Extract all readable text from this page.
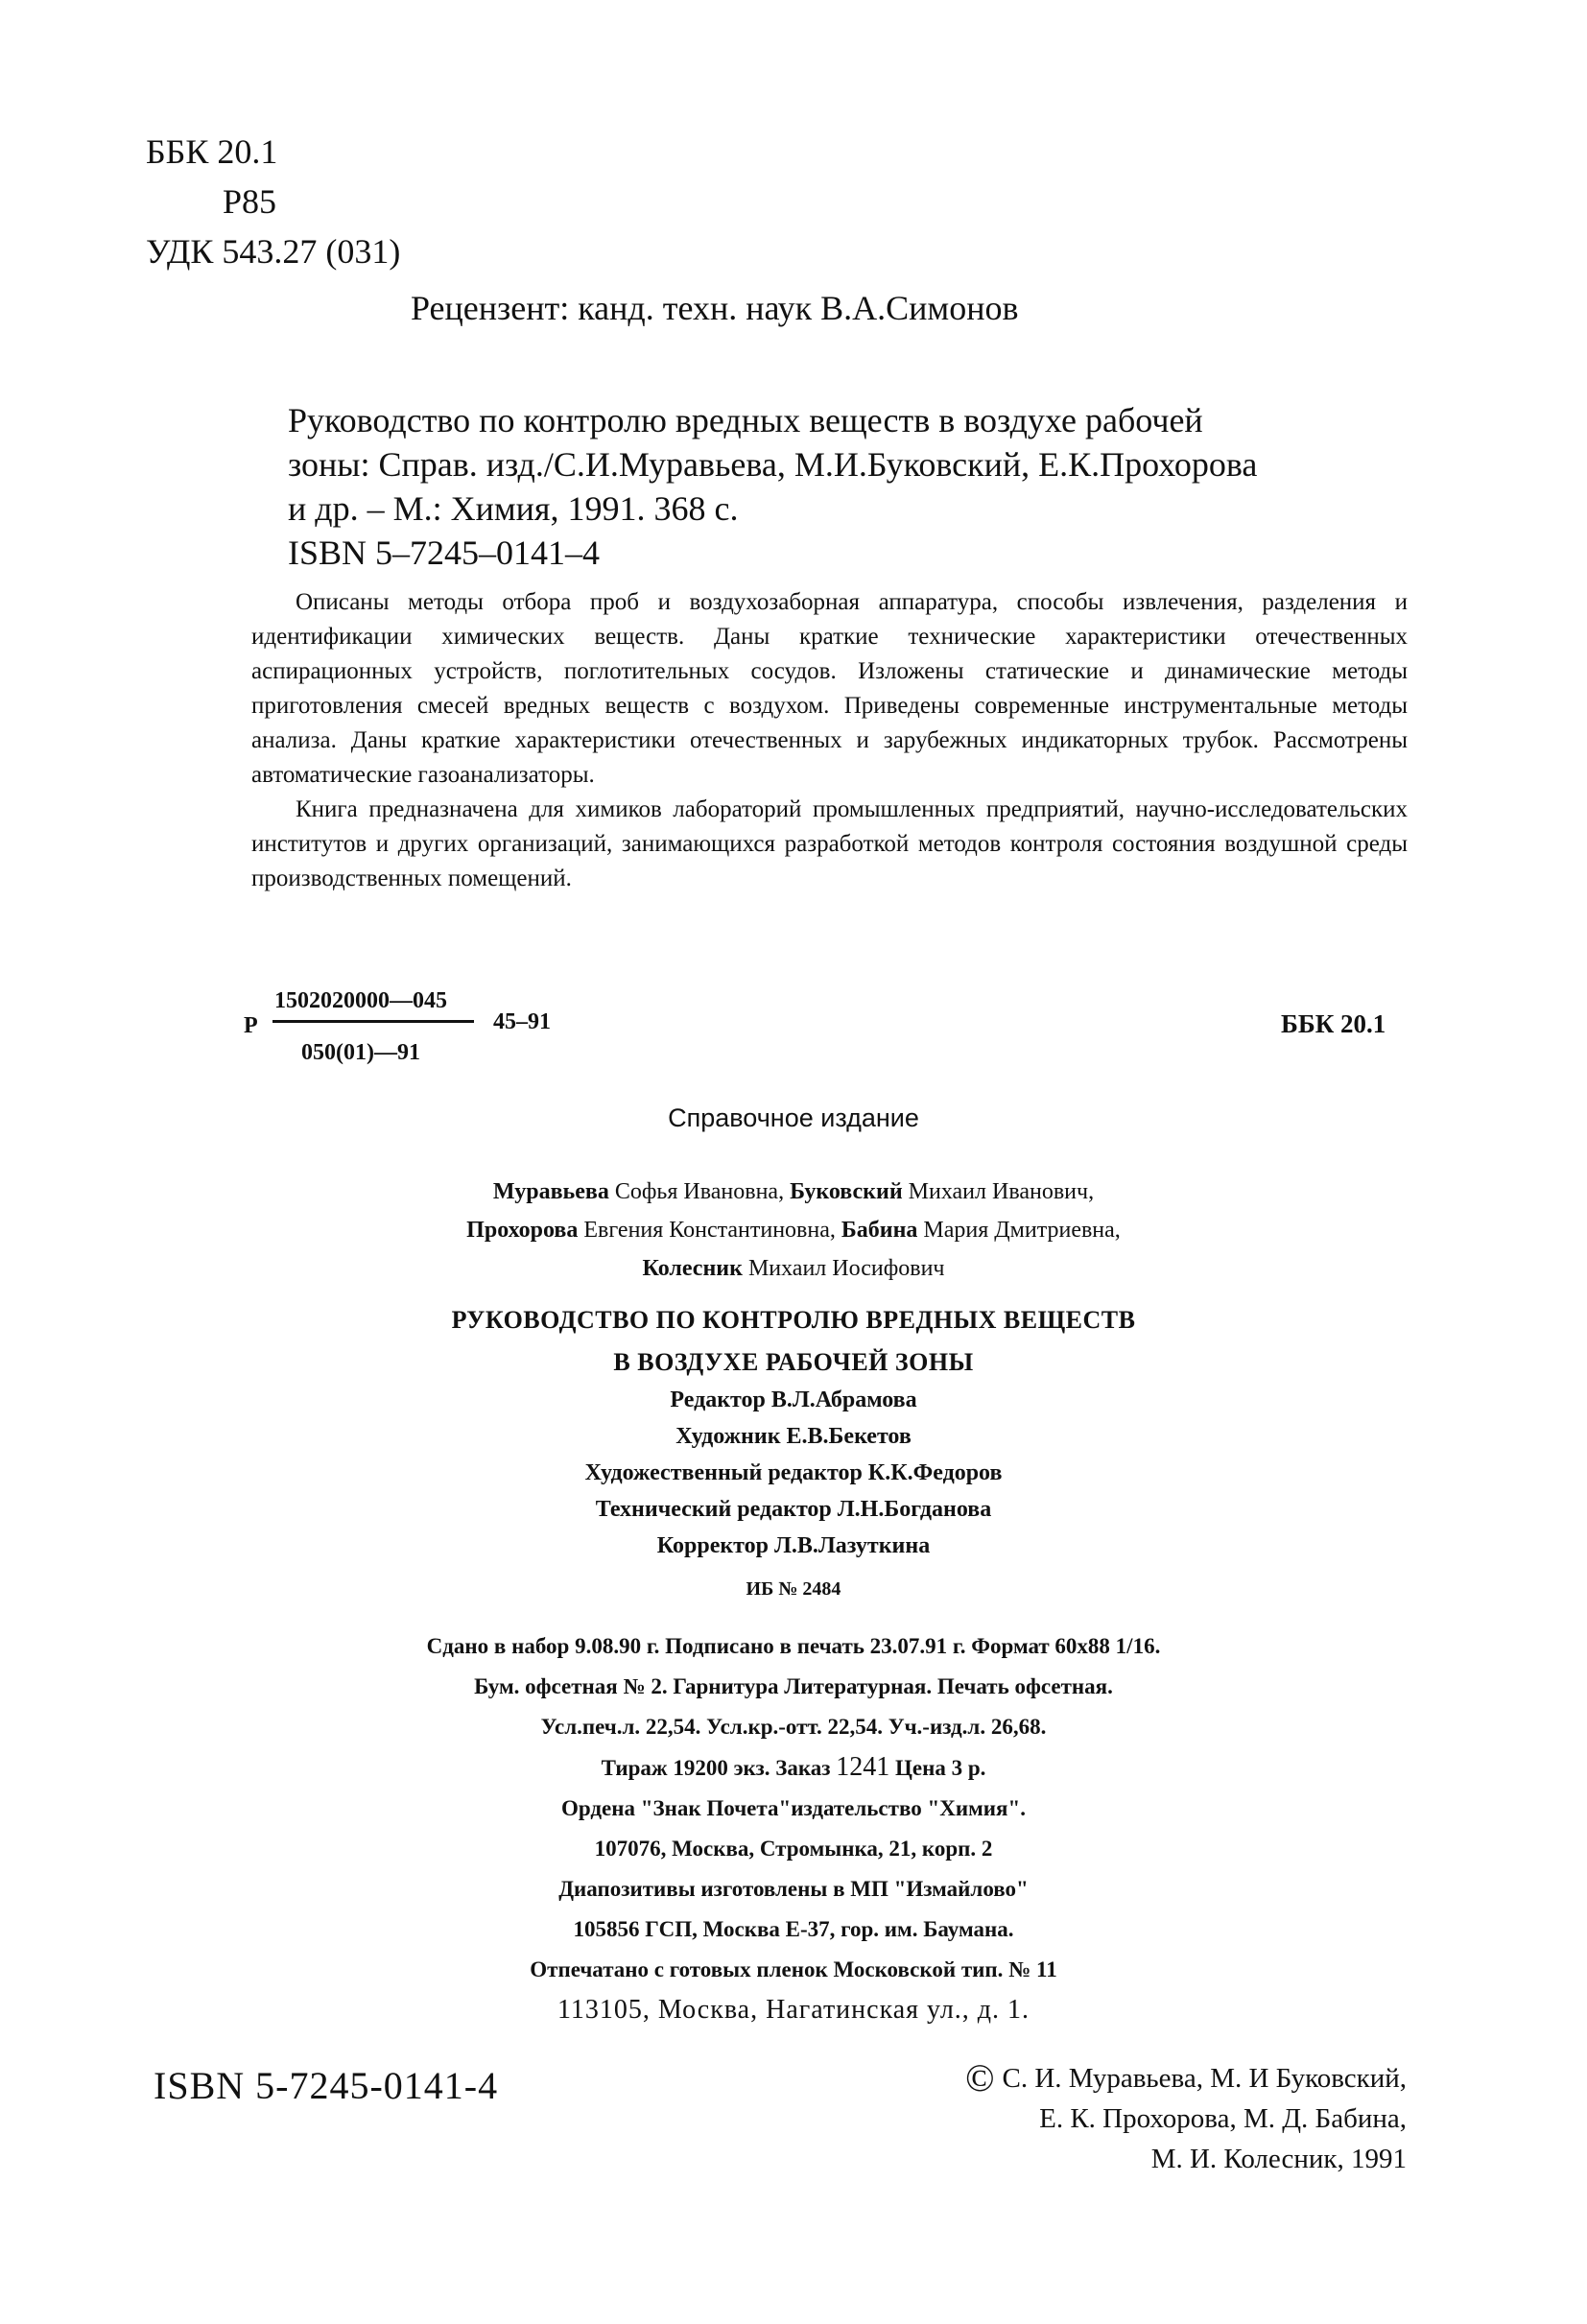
ББК 20.1
Р85
УДК 543.27 (031)
Рецензент: канд. техн. наук В.А.Симонов
Руководство по контролю вредных веществ в воздухе рабочей
зоны: Справ. изд./С.И.Муравьева, М.И.Буковский, Е.К.Прохорова
и др. – М.: Химия, 1991. 368 с.
ISBN 5–7245–0141–4

Описаны методы отбора проб и воздухозаборная аппаратура, способы извлечения, разделения и идентификации химических веществ. Даны краткие технические характеристики отечественных аспирационных устройств, поглотительных сосудов. Изложены статические и динамические методы приготовления смесей вредных веществ с воздухом. Приведены современные инструментальные методы анализа. Даны краткие характеристики отечественных и зарубежных индикаторных трубок. Рассмотрены автоматические газоанализаторы.

Книга предназначена для химиков лабораторий промышленных предприятий, научно-исследовательских институтов и других организаций, занимающихся разработкой методов контроля состояния воздушной среды производственных помещений.

Р
1502020000—045
050(01)—91
45–91	ББК 20.1
Справочное издание
Муравьева Софья Ивановна, Буковский Михаил Иванович,
Прохорова Евгения Константиновна, Бабина Мария Дмитриевна,
Колесник Михаил Иосифович
РУКОВОДСТВО ПО КОНТРОЛЮ ВРЕДНЫХ ВЕЩЕСТВ
В ВОЗДУХЕ РАБОЧЕЙ ЗОНЫ
Редактор В.Л.Абрамова
Художник Е.В.Бекетов
Художественный редактор К.К.Федоров
Технический редактор Л.Н.Богданова
Корректор Л.В.Лазуткина
ИБ № 2484
Сдано в набор 9.08.90 г. Подписано в печать 23.07.91 г. Формат 60х88 1/16.
Бум. офсетная № 2. Гарнитура Литературная. Печать офсетная.
Усл.печ.л. 22,54. Усл.кр.-отт. 22,54. Уч.-изд.л. 26,68.
Тираж 19200 экз. Заказ 1241 Цена 3 р.
Ордена "Знак Почета"издательство "Химия".
107076, Москва, Стромынка, 21, корп. 2
Диапозитивы изготовлены в МП "Измайлово"
105856 ГСП, Москва Е-37, гор. им. Баумана.
Отпечатано с готовых пленок Московской тип. № 11
113105, Москва, Нагатинская ул., д. 1.
ISBN 5-7245-0141-4	© С. И. Муравьева, М. И Буковский,
Е. К. Прохорова, М. Д. Бабина,
М. И. Колесник, 1991
